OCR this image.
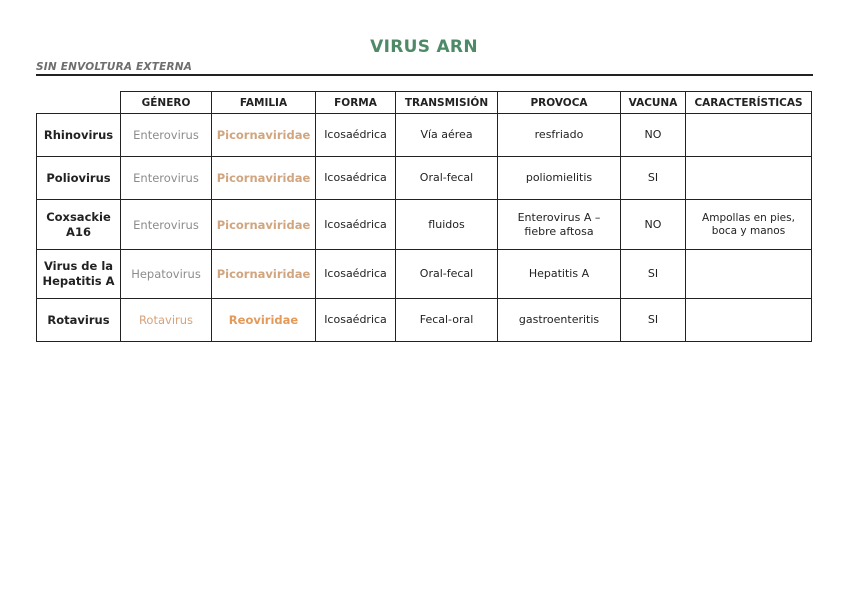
VIRUS ARN
SIN ENVOLTURA EXTERNA
	GÉNERO	FAMILIA	FORMA	TRANSMISIÓN	PROVOCA	VACUNA	CARACTERÍSTICAS
Rhinovirus	Enterovirus	Picornaviridae	Icosaédrica	Vía aérea	resfriado	NO	
Poliovirus	Enterovirus	Picornaviridae	Icosaédrica	Oral-fecal	poliomielitis	SI	
Coxsackie A16	Enterovirus	Picornaviridae	Icosaédrica	fluidos	Enterovirus A – fiebre aftosa	NO	Ampollas en pies, boca y manos
Virus de la Hepatitis A	Hepatovirus	Picornaviridae	Icosaédrica	Oral-fecal	Hepatitis A	SI	
Rotavirus	Rotavirus	Reoviridae	Icosaédrica	Fecal-oral	gastroenteritis	SI	
